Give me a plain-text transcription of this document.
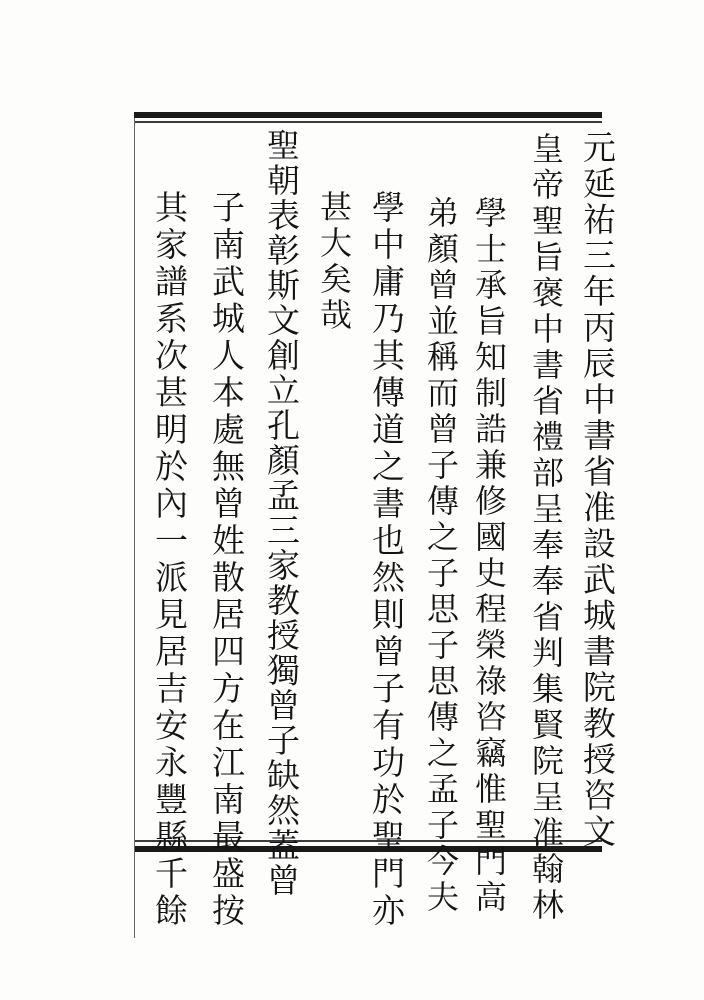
元延祐三年丙辰中書省准設武城書院教授咨文
皇帝聖旨褒中書省禮部呈奉奉省判集賢院呈准翰林
學士承旨知制誥兼修國史程榮祿咨竊惟聖門高
弟顏曾並稱而曾子傳之子思子思傳之孟子今夫
學中庸乃其傳道之書也然則曾子有功於聖門亦
甚大矣哉
聖朝表彰斯文創立孔顏孟三家教授獨曾子缺然蓋曾
子南武城人本處無曾姓散居四方在江南最盛按
其家譜系次甚明於內一派見居吉安永豐縣千餘
